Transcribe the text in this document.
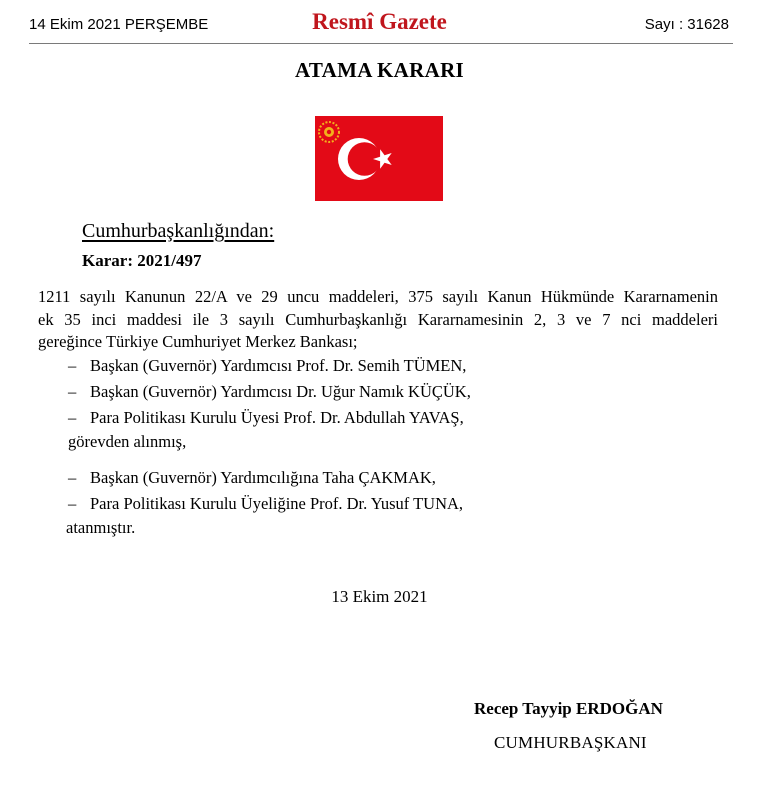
14 Ekim 2021 PERŞEMBE	Resmî Gazete	Sayı : 31628
ATAMA KARARI
Cumhurbaşkanlığından:
Karar: 2021/497
1211 sayılı Kanunun 22/A ve 29 uncu maddeleri, 375 sayılı Kanun Hükmünde Kararnamenin
ek 35 inci maddesi ile 3 sayılı Cumhurbaşkanlığı Kararnamesinin 2, 3 ve 7 nci maddeleri
gereğince Türkiye Cumhuriyet Merkez Bankası;
– Başkan (Guvernör) Yardımcısı Prof. Dr. Semih TÜMEN,
– Başkan (Guvernör) Yardımcısı Dr. Uğur Namık KÜÇÜK,
– Para Politikası Kurulu Üyesi Prof. Dr. Abdullah YAVAŞ,
görevden alınmış,
– Başkan (Guvernör) Yardımcılığına Taha ÇAKMAK,
– Para Politikası Kurulu Üyeliğine Prof. Dr. Yusuf TUNA,
atanmıştır.
13 Ekim 2021
Recep Tayyip ERDOĞAN
CUMHURBAŞKANI
